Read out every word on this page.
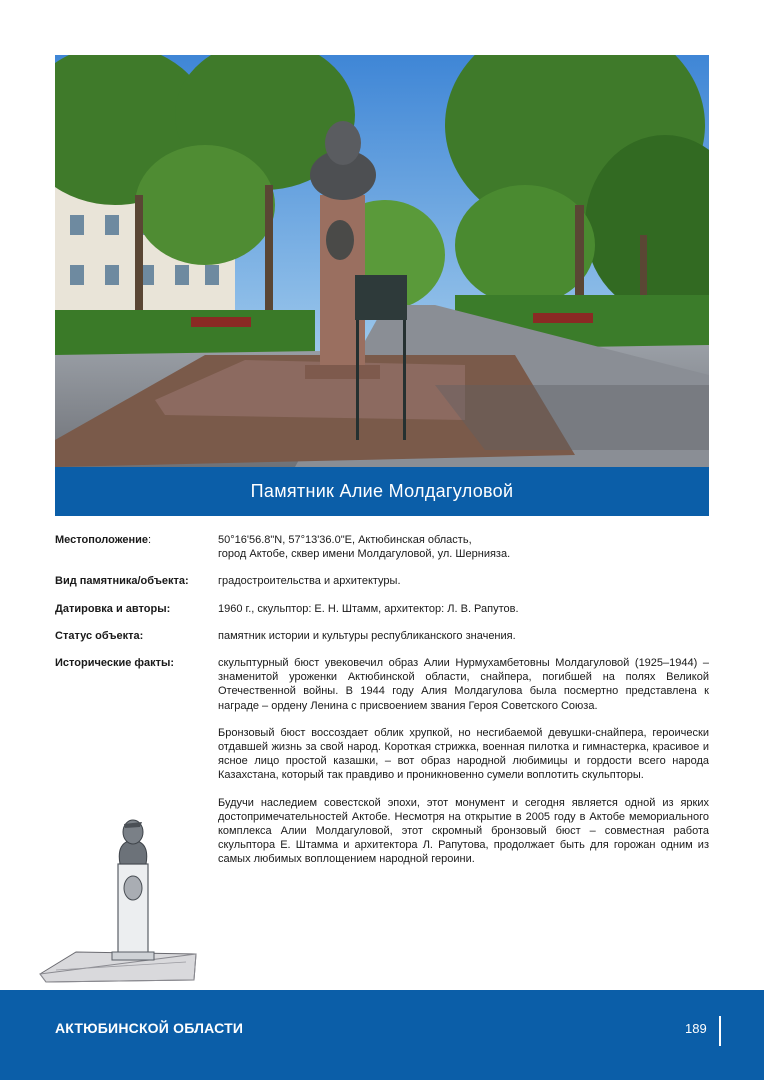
Памятник Алие Молдагуловой
Местоположение:	50°16'56.8"N, 57°13'36.0"E, Актюбинская область,
город Актобе, сквер имени Молдагуловой, ул. Шернияза.
Вид памятника/объекта:	градостроительства и архитектуры.
Датировка и авторы:	1960 г., скульптор: Е. Н. Штамм, архитектор: Л. В. Рапутов.
Статус объекта:	памятник истории и культуры республиканского значения.
Исторические факты:	скульптурный бюст увековечил образ Алии Нурмухамбетовны Молдагуловой (1925–1944) – знаменитой уроженки Актюбинской области, снайпера, погибшей на полях Великой Отечественной войны. В 1944 году Алия Молдагулова была посмертно представлена к награде – ордену Ленина с присвоением звания Героя Советского Союза.

Бронзовый бюст воссоздает облик хрупкой, но несгибаемой девушки-снайпера, героически отдавшей жизнь за свой народ. Короткая стрижка, военная пилотка и гимнастерка, красивое и ясное лицо простой казашки, – вот образ народной любимицы и гордости всего народа Казахстана, который так правдиво и проникновенно сумели воплотить скульпторы.

Будучи наследием совестской эпохи, этот монумент и сегодня является одной из ярких достопримечательностей Актобе. Несмотря на открытие в 2005 году в Актобе мемориального комплекса Алии Молдагуловой, этот скромный бронзовый бюст – совместная работа скульптора Е. Штамма и архитектора Л. Рапутова, продолжает быть для горожан одним из самых любимых воплощением народной героини.

АКТЮБИНСКОЙ ОБЛАСТИ	189
